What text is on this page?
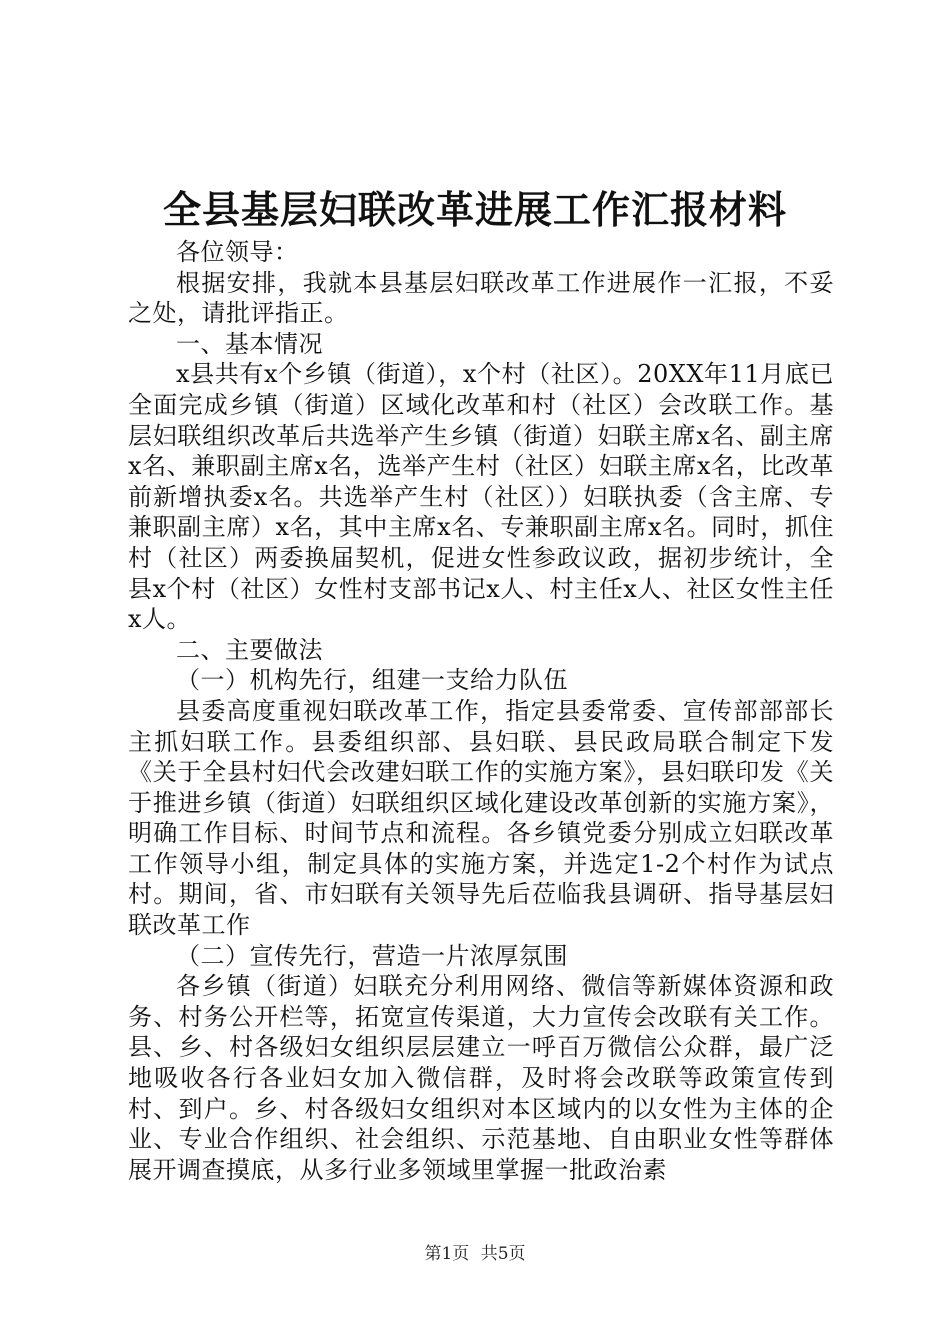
全县基层妇联改革进展工作汇报材料

各位领导：

根据安排，我就本县基层妇联改革工作进展作一汇报，不妥之处，请批评指正。

一、基本情况

x县共有x个乡镇（街道），x个村（社区）。20XX年11月底已全面完成乡镇（街道）区域化改革和村（社区）会改联工作。基层妇联组织改革后共选举产生乡镇（街道）妇联主席x名、副主席x名、兼职副主席x名，选举产生村（社区）妇联主席x名，比改革前新增执委x名。共选举产生村（社区））妇联执委（含主席、专兼职副主席）x名，其中主席x名、专兼职副主席x名。同时，抓住村（社区）两委换届契机，促进女性参政议政，据初步统计，全县x个村（社区）女性村支部书记x人、村主任x人、社区女性主任x人。

二、主要做法

（一）机构先行，组建一支给力队伍

县委高度重视妇联改革工作，指定县委常委、宣传部部部长主抓妇联工作。县委组织部、县妇联、县民政局联合制定下发《关于全县村妇代会改建妇联工作的实施方案》，县妇联印发《关于推进乡镇（街道）妇联组织区域化建设改革创新的实施方案》，明确工作目标、时间节点和流程。各乡镇党委分别成立妇联改革工作领导小组，制定具体的实施方案，并选定1-2个村作为试点村。期间，省、市妇联有关领导先后莅临我县调研、指导基层妇联改革工作

（二）宣传先行，营造一片浓厚氛围

各乡镇（街道）妇联充分利用网络、微信等新媒体资源和政务、村务公开栏等，拓宽宣传渠道，大力宣传会改联有关工作。县、乡、村各级妇女组织层层建立一呼百万微信公众群，最广泛地吸收各行各业妇女加入微信群，及时将会改联等政策宣传到村、到户。乡、村各级妇女组织对本区域内的以女性为主体的企业、专业合作组织、社会组织、示范基地、自由职业女性等群体展开调查摸底，从多行业多领域里掌握一批政治素

第1页 共5页
